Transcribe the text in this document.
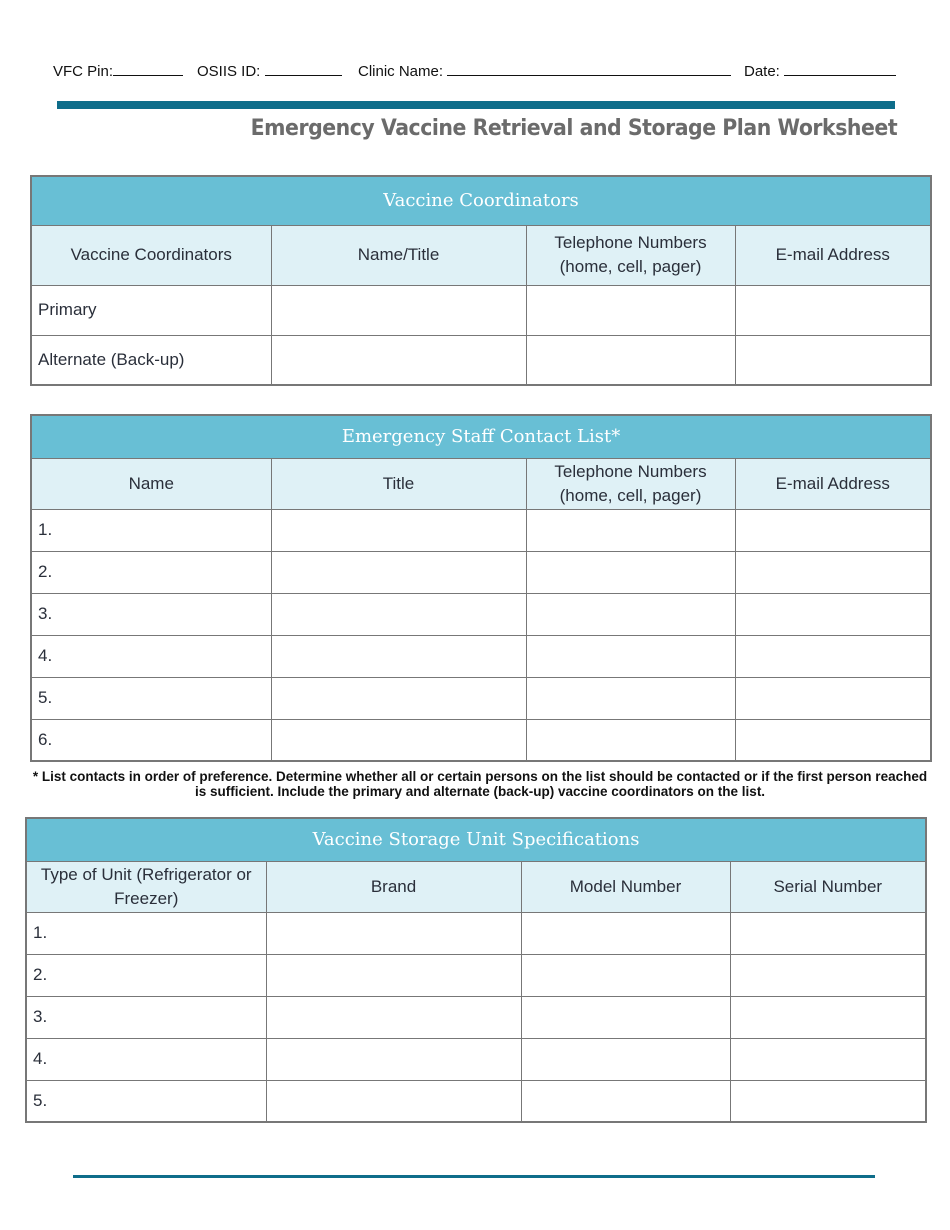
VFC Pin:	OSIIS ID:	Clinic Name:	Date:
Emergency Vaccine Retrieval and Storage Plan Worksheet
Vaccine Coordinators			
Vaccine Coordinators	Name/Title	Telephone Numbers (home, cell, pager)	E-mail Address
Primary			
Alternate (Back-up)			
Emergency Staff Contact List*			
Name	Title	Telephone Numbers (home, cell, pager)	E-mail Address
1.			
2.			
3.			
4.			
5.			
6.			
* List contacts in order of preference. Determine whether all or certain persons on the list should be contacted or if the first person reached is sufficient. Include the primary and alternate (back-up) vaccine coordinators on the list.
Vaccine Storage Unit Specifications			
Type of Unit (Refrigerator or Freezer)	Brand	Model Number	Serial Number
1.			
2.			
3.			
4.			
5.			
